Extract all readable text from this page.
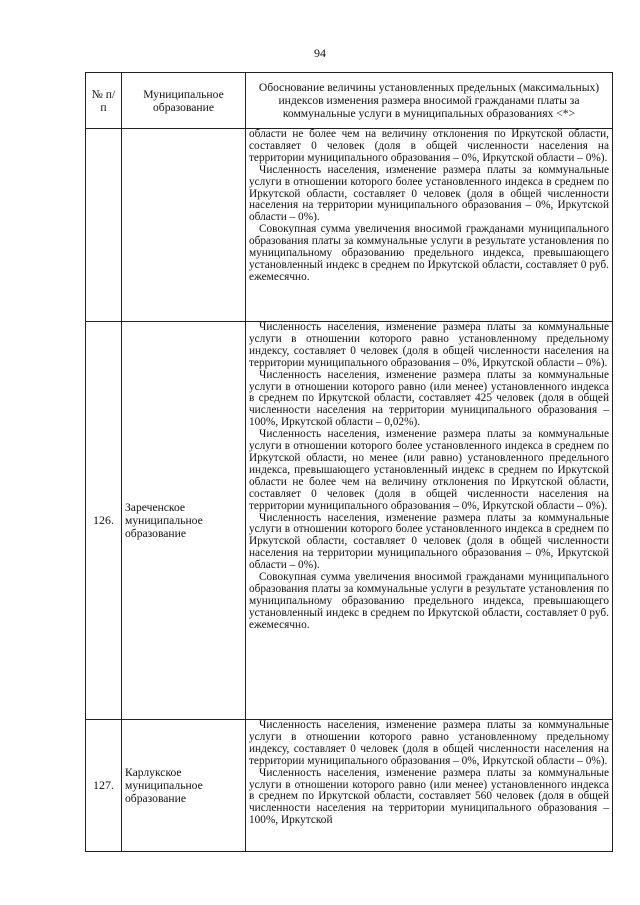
94
№ п/п	Муниципальное образование	Обоснование величины установленных предельных (максимальных) индексов изменения размера вносимой гражданами платы за коммунальные услуги в муниципальных образованиях <*>

		области не более чем на величину отклонения по Иркутской области, составляет 0 человек (доля в общей численности населения на территории муниципального образования – 0%, Иркутской области – 0%).

Численность населения, изменение размера платы за коммунальные услуги в отношении которого более установленного индекса в среднем по Иркутской области, составляет 0 человек (доля в общей численности населения на территории муниципального образования – 0%, Иркутской области – 0%).

Совокупная сумма увеличения вносимой гражданами муниципального образования платы за коммунальные услуги в результате установления по муниципальному образованию предельного индекса, превышающего установленный индекс в среднем по Иркутской области, составляет 0 руб. ежемесячно.

126.	Зареченское муниципальное образование	Численность населения, изменение размера платы за коммунальные услуги в отношении которого равно установленному предельному индексу, составляет 0 человек (доля в общей численности населения на территории муниципального образования – 0%, Иркутской области – 0%).

Численность населения, изменение размера платы за коммунальные услуги в отношении которого равно (или менее) установленного индекса в среднем по Иркутской области, составляет 425 человек (доля в общей численности населения на территории муниципального образования – 100%, Иркутской области – 0,02%).

Численность населения, изменение размера платы за коммунальные услуги в отношении которого более установленного индекса в среднем по Иркутской области, но менее (или равно) установленного предельного индекса, превышающего установленный индекс в среднем по Иркутской области не более чем на величину отклонения по Иркутской области, составляет 0 человек (доля в общей численности населения на территории муниципального образования – 0%, Иркутской области – 0%).

Численность населения, изменение размера платы за коммунальные услуги в отношении которого более установленного индекса в среднем по Иркутской области, составляет 0 человек (доля в общей численности населения на территории муниципального образования – 0%, Иркутской области – 0%).

Совокупная сумма увеличения вносимой гражданами муниципального образования платы за коммунальные услуги в результате установления по муниципальному образованию предельного индекса, превышающего установленный индекс в среднем по Иркутской области, составляет 0 руб. ежемесячно.

127.	Карлукское муниципальное образование	Численность населения, изменение размера платы за коммунальные услуги в отношении которого равно установленному предельному индексу, составляет 0 человек (доля в общей численности населения на территории муниципального образования – 0%, Иркутской области – 0%).

Численность населения, изменение размера платы за коммунальные услуги в отношении которого равно (или менее) установленного индекса в среднем по Иркутской области, составляет 560 человек (доля в общей численности населения на территории муниципального образования – 100%, Иркутской
